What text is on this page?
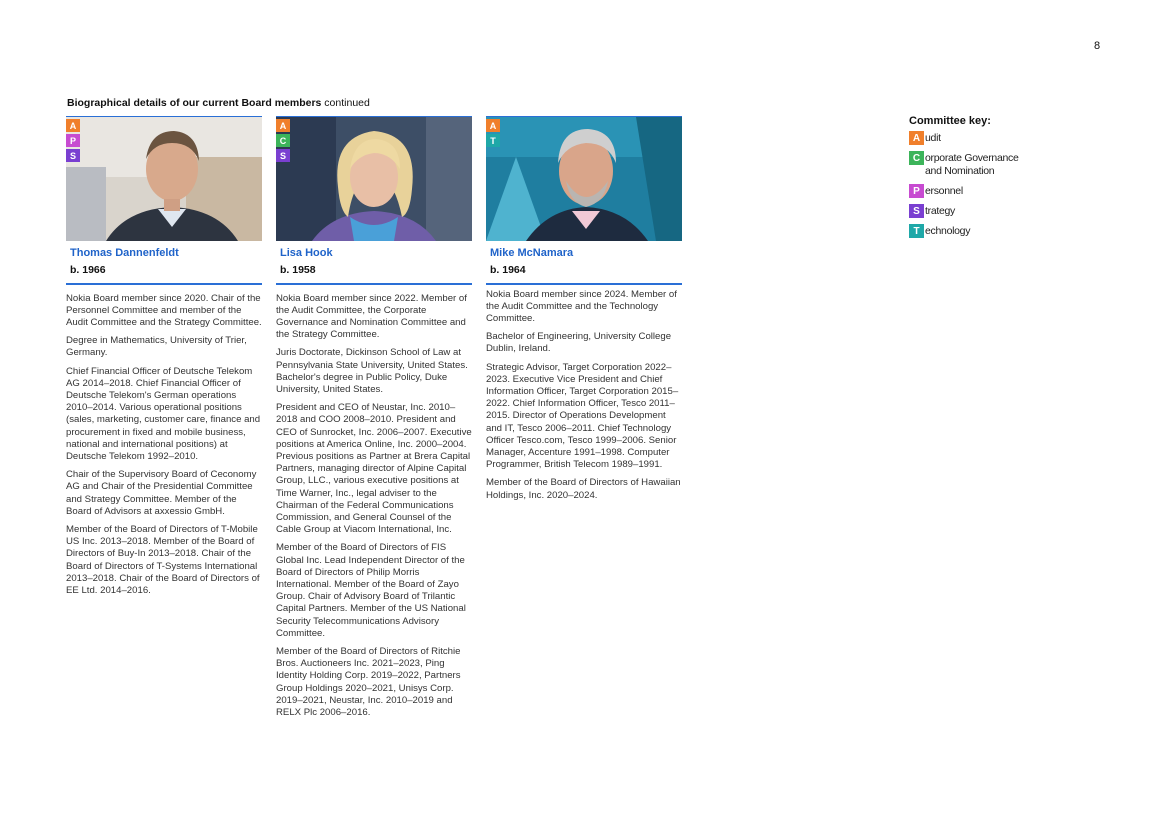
8
Biographical details of our current Board members continued
A
P
S
Thomas Dannenfeldt
b. 1966

Nokia Board member since 2020. Chair of the Personnel Committee and member of the Audit Committee and the Strategy Committee.

Degree in Mathematics, University of Trier, Germany.

Chief Financial Officer of Deutsche Telekom AG 2014–2018. Chief Financial Officer of Deutsche Telekom's German operations 2010–2014. Various operational positions (sales, marketing, customer care, finance and procurement in fixed and mobile business, national and international positions) at Deutsche Telekom 1992–2010.

Chair of the Supervisory Board of Ceconomy AG and Chair of the Presidential Committee and Strategy Committee. Member of the Board of Advisors at axxessio GmbH.

Member of the Board of Directors of T-Mobile US Inc. 2013–2018. Member of the Board of Directors of Buy-In 2013–2018. Chair of the Board of Directors of T-Systems International 2013–2018. Chair of the Board of Directors of EE Ltd. 2014–2016.

A
C
S
Lisa Hook
b. 1958

Nokia Board member since 2022. Member of the Audit Committee, the Corporate Governance and Nomination Committee and the Strategy Committee.

Juris Doctorate, Dickinson School of Law at Pennsylvania State University, United States. Bachelor's degree in Public Policy, Duke University, United States.

President and CEO of Neustar, Inc. 2010–2018 and COO 2008–2010. President and CEO of Sunrocket, Inc. 2006–2007. Executive positions at America Online, Inc. 2000–2004. Previous positions as Partner at Brera Capital Partners, managing director of Alpine Capital Group, LLC., various executive positions at Time Warner, Inc., legal adviser to the Chairman of the Federal Communications Commission, and General Counsel of the Cable Group at Viacom International, Inc.

Member of the Board of Directors of FIS Global Inc. Lead Independent Director of the Board of Directors of Philip Morris International. Member of the Board of Zayo Group. Chair of Advisory Board of Trilantic Capital Partners. Member of the US National Security Telecommunications Advisory Committee.

Member of the Board of Directors of Ritchie Bros. Auctioneers Inc. 2021–2023, Ping Identity Holding Corp. 2019–2022, Partners Group Holdings 2020–2021, Unisys Corp. 2019–2021, Neustar, Inc. 2010–2019 and RELX Plc 2006–2016.

A
T
Mike McNamara
b. 1964

Nokia Board member since 2024. Member of the Audit Committee and the Technology Committee.

Bachelor of Engineering, University College Dublin, Ireland.

Strategic Advisor, Target Corporation 2022–2023. Executive Vice President and Chief Information Officer, Target Corporation 2015–2022. Chief Information Officer, Tesco 2011–2015. Director of Operations Development and IT, Tesco 2006–2011. Chief Technology Officer Tesco.com, Tesco 1999–2006. Senior Manager, Accenture 1991–1998. Computer Programmer, British Telecom 1989–1991.

Member of the Board of Directors of Hawaiian Holdings, Inc. 2020–2024.

Committee key:
A udit
C orporate Governance and Nomination
P ersonnel
S trategy
T echnology
